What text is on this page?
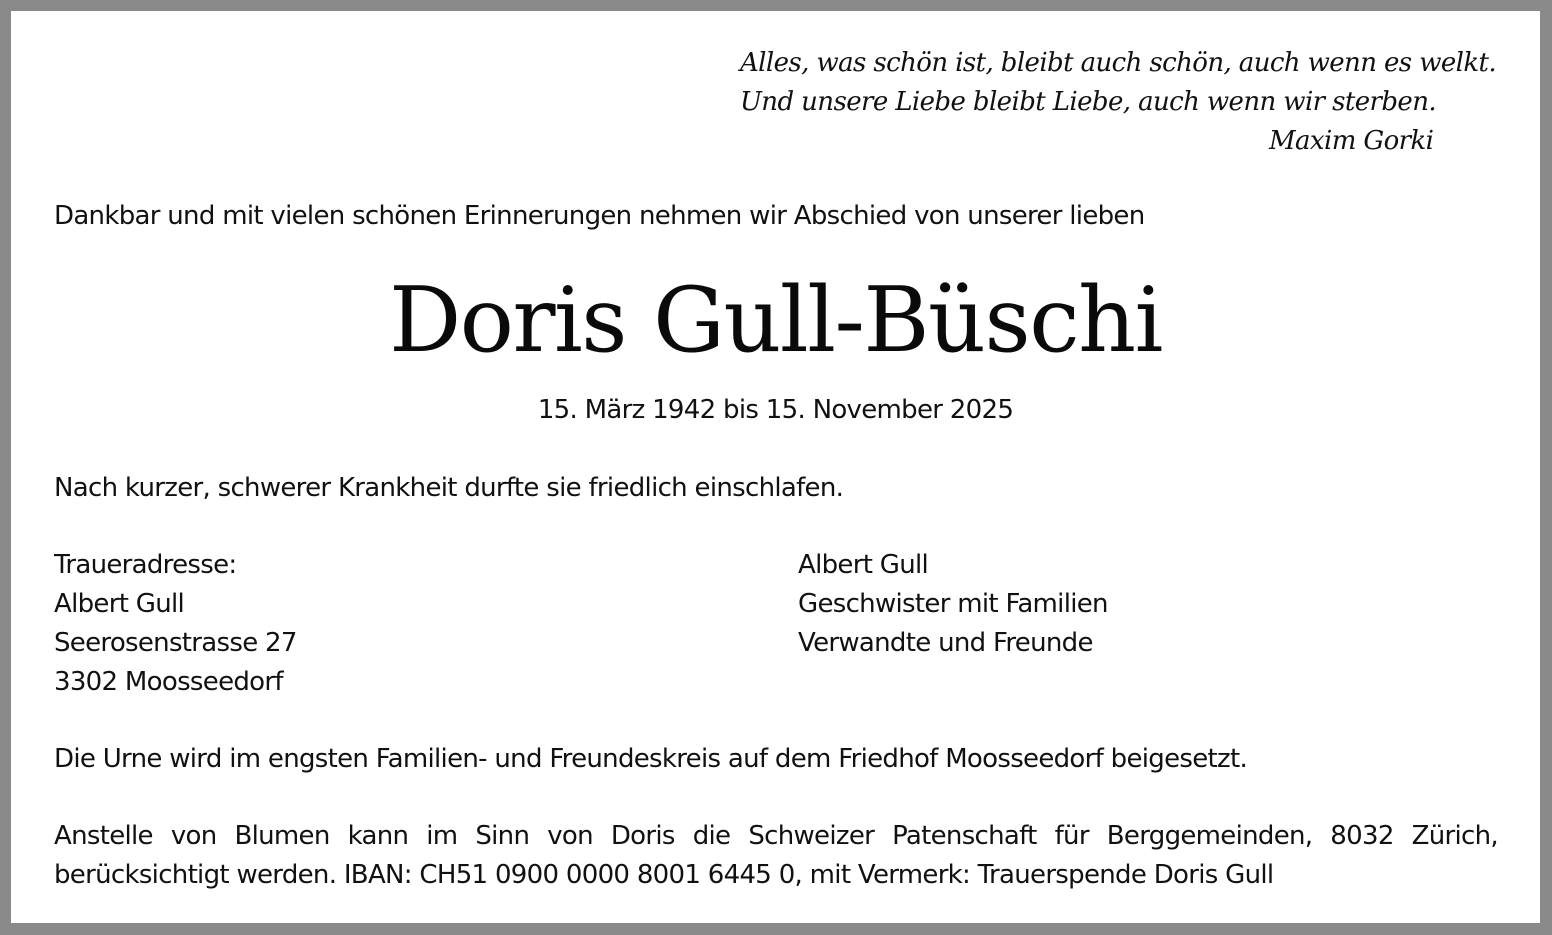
Alles, was schön ist, bleibt auch schön, auch wenn es welkt.
Und unsere Liebe bleibt Liebe, auch wenn wir sterben.
Maxim Gorki
Dankbar und mit vielen schönen Erinnerungen nehmen wir Abschied von unserer lieben
Doris Gull-Büschi
15. März 1942 bis 15. November 2025
Nach kurzer, schwerer Krankheit durfte sie friedlich einschlafen.
Traueradresse:
Albert Gull
Seerosenstrasse 27
3302 Moosseedorf
Albert Gull
Geschwister mit Familien
Verwandte und Freunde
Die Urne wird im engsten Familien- und Freundeskreis auf dem Friedhof Moosseedorf beigesetzt.
Anstelle von Blumen kann im Sinn von Doris die Schweizer Patenschaft für Berggemeinden, 8032 Zürich,
berücksichtigt werden. IBAN: CH51 0900 0000 8001 6445 0, mit Vermerk: Trauerspende Doris Gull
